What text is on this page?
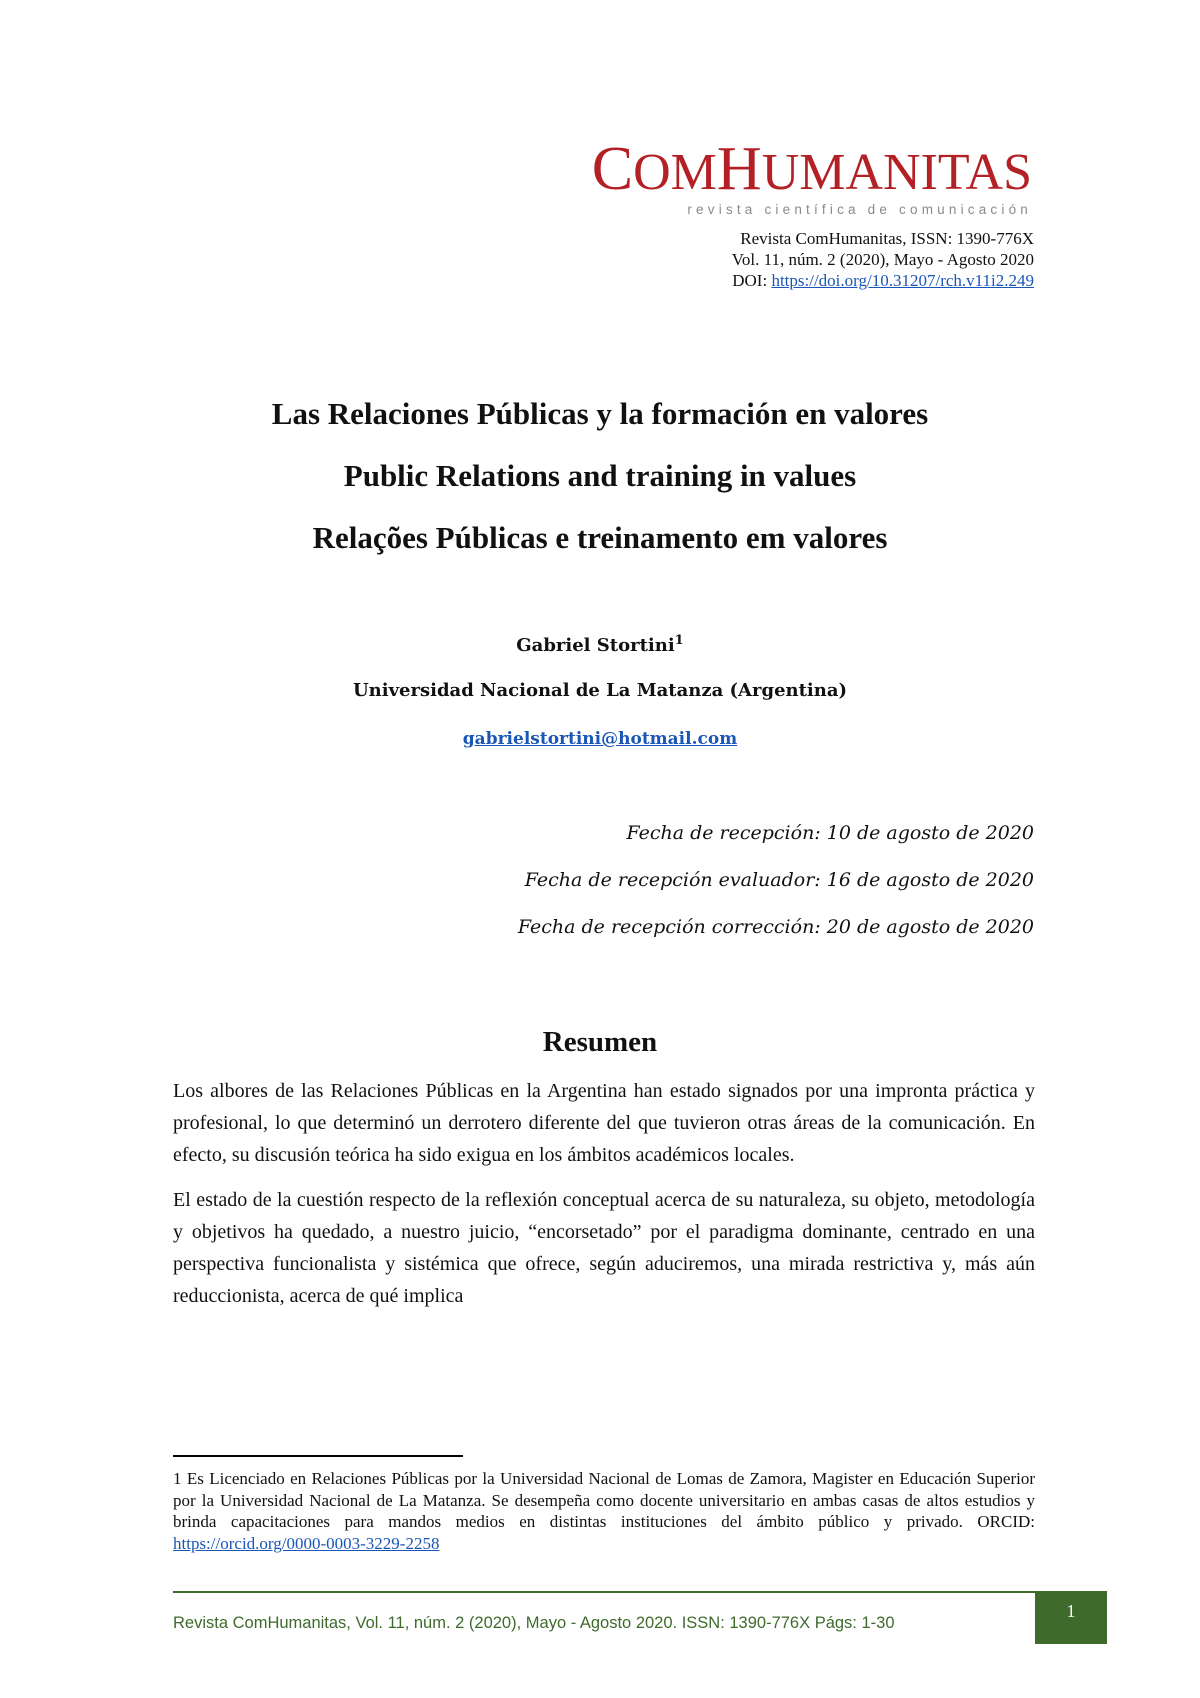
COMHUMANITAS
revista científica de comunicación
Revista ComHumanitas, ISSN: 1390-776X
Vol. 11, núm. 2 (2020), Mayo - Agosto 2020
DOI: https://doi.org/10.31207/rch.v11i2.249
Las Relaciones Públicas y la formación en valores
Public Relations and training in values
Relações Públicas e treinamento em valores
Gabriel Stortini$^1$
Universidad Nacional de La Matanza (Argentina)
gabrielstortini@hotmail.com
Fecha de recepción: 10 de agosto de 2020
Fecha de recepción evaluador: 16 de agosto de 2020
Fecha de recepción corrección: 20 de agosto de 2020
Resumen

Los albores de las Relaciones Públicas en la Argentina han estado signados por una impronta práctica y profesional, lo que determinó un derrotero diferente del que tuvieron otras áreas de la comunicación. En efecto, su discusión teórica ha sido exigua en los ámbitos académicos locales.

El estado de la cuestión respecto de la reflexión conceptual acerca de su naturaleza, su objeto, metodología y objetivos ha quedado, a nuestro juicio, “encorsetado” por el paradigma dominante, centrado en una perspectiva funcionalista y sistémica que ofrece, según aduciremos, una mirada restrictiva y, más aún reduccionista, acerca de qué implica

1 Es Licenciado en Relaciones Públicas por la Universidad Nacional de Lomas de Zamora, Magister en Educación Superior por la Universidad Nacional de La Matanza. Se desempeña como docente universitario en ambas casas de altos estudios y brinda capacitaciones para mandos medios en distintas instituciones del ámbito público y privado. ORCID: https://orcid.org/0000-0003-3229-2258
Revista ComHumanitas, Vol. 11, núm. 2 (2020), Mayo - Agosto 2020. ISSN: 1390-776X Págs: 1-30
1
